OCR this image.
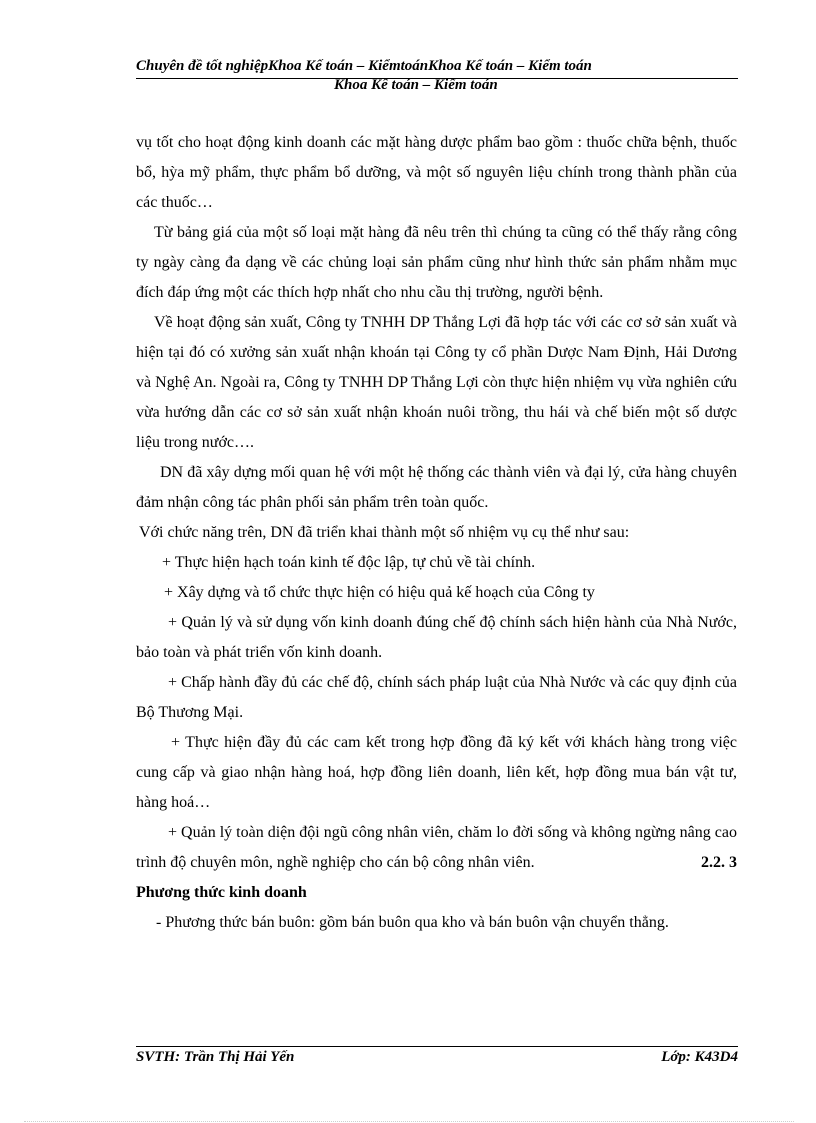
Chuyên đề tốt nghiệpKhoa Kế toán – KiểmtoánKhoa Kế toán – Kiểm toán
Khoa Kế toán – Kiểm toán

vụ tốt cho hoạt động kinh doanh các mặt hàng dược phẩm bao gồm : thuốc chữa bệnh, thuốc bổ, hỳa mỹ phẩm, thực phẩm bổ dưỡng, và một số nguyên liệu chính trong thành phần của các thuốc…

Từ bảng giá của một số loại mặt hàng đã nêu trên thì chúng ta cũng có thể thấy rằng công ty ngày càng đa dạng về các chủng loại sản phẩm cũng như hình thức sản phẩm nhằm mục đích đáp ứng một các thích hợp nhất cho nhu cầu thị trường, người bệnh.

Về hoạt động sản xuất, Công ty TNHH DP Thắng Lợi đã hợp tác với các cơ sở sản xuất và hiện tại đó có xưởng sản xuất nhận khoán tại Công ty cổ phần Dược Nam Định, Hải Dương và Nghệ An. Ngoài ra, Công ty TNHH DP Thắng Lợi còn thực hiện nhiệm vụ vừa nghiên cứu vừa hướng dẫn các cơ sở sản xuất nhận khoán nuôi trồng, thu hái và chế biến một số dược liệu trong nước….

DN đã xây dựng mối quan hệ với một hệ thống các thành viên và đại lý, cửa hàng chuyên đảm nhận công tác phân phối sản phẩm trên toàn quốc.

Với chức năng trên, DN đã triển khai thành một số nhiệm vụ cụ thể như sau:

+ Thực hiện hạch toán kinh tế độc lập, tự chủ về tài chính.

+ Xây dựng và tổ chức thực hiện có hiệu quả kế hoạch của Công ty

+ Quản lý và sử dụng vốn kinh doanh đúng chế độ chính sách hiện hành của Nhà Nước, bảo toàn và phát triển vốn kinh doanh.

+ Chấp hành đầy đủ các chế độ, chính sách pháp luật của Nhà Nước và các quy định của Bộ Thương Mại.

+ Thực hiện đầy đủ các cam kết trong hợp đồng đã ký kết với khách hàng trong việc cung cấp và giao nhận hàng hoá, hợp đồng liên doanh, liên kết, hợp đồng mua bán vật tư, hàng hoá…

+ Quản lý toàn diện đội ngũ công nhân viên, chăm lo đời sống và không ngừng nâng cao trình độ chuyên môn, nghề nghiệp cho cán bộ công nhân viên.	2.2. 3

Phương thức kinh doanh

- Phương thức bán buôn: gồm bán buôn qua kho và bán buôn vận chuyển thẳng.

SVTH: Trần Thị Hải Yến	Lớp: K43D4
